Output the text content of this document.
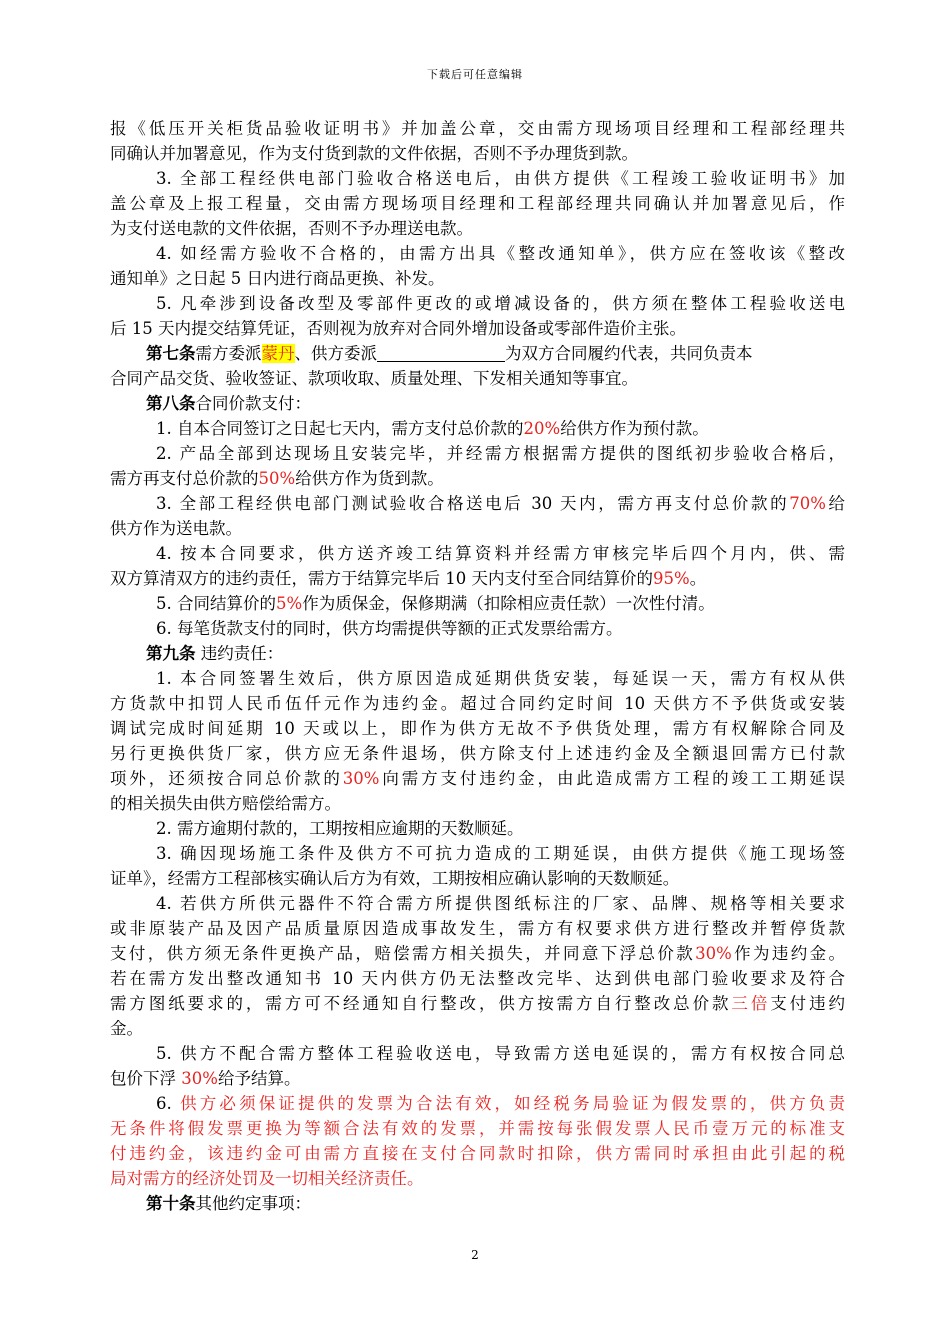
下载后可任意编辑
报《低压开关柜货品验收证明书》并加盖公章，交由需方现场项目经理和工程部经理共
同确认并加署意见，作为支付货到款的文件依据，否则不予办理货到款。
3. 全部工程经供电部门验收合格送电后，由供方提供《工程竣工验收证明书》加
盖公章及上报工程量，交由需方现场项目经理和工程部经理共同确认并加署意见后，作
为支付送电款的文件依据，否则不予办理送电款。
4. 如经需方验收不合格的，由需方出具《整改通知单》，供方应在签收该《整改
通知单》之日起 5 日内进行商品更换、补发。
5. 凡牵涉到设备改型及零部件更改的或增减设备的，供方须在整体工程验收送电
后 15 天内提交结算凭证，否则视为放弃对合同外增加设备或零部件造价主张。
第七条需方委派蒙丹、供方委派	为双方合同履约代表，共同负责本
合同产品交货、验收签证、款项收取、质量处理、下发相关通知等事宜。
第八条合同价款支付：
1. 自本合同签订之日起七天内，需方支付总价款的20%给供方作为预付款。
2. 产品全部到达现场且安装完毕，并经需方根据需方提供的图纸初步验收合格后，
需方再支付总价款的50%给供方作为货到款。
3. 全部工程经供电部门测试验收合格送电后 30 天内，需方再支付总价款的70%给
供方作为送电款。
4. 按本合同要求，供方送齐竣工结算资料并经需方审核完毕后四个月内，供、需
双方算清双方的违约责任，需方于结算完毕后 10 天内支付至合同结算价的95%。
5. 合同结算价的5%作为质保金，保修期满（扣除相应责任款）一次性付清。
6. 每笔货款支付的同时，供方均需提供等额的正式发票给需方。
第九条 违约责任：
1. 本合同签署生效后，供方原因造成延期供货安装，每延误一天，需方有权从供
方货款中扣罚人民币伍仟元作为违约金。超过合同约定时间 10 天供方不予供货或安装
调试完成时间延期 10 天或以上，即作为供方无故不予供货处理，需方有权解除合同及
另行更换供货厂家，供方应无条件退场，供方除支付上述违约金及全额退回需方已付款
项外，还须按合同总价款的30%向需方支付违约金，由此造成需方工程的竣工工期延误
的相关损失由供方赔偿给需方。
2. 需方逾期付款的，工期按相应逾期的天数顺延。
3. 确因现场施工条件及供方不可抗力造成的工期延误，由供方提供《施工现场签
证单》，经需方工程部核实确认后方为有效，工期按相应确认影响的天数顺延。
4. 若供方所供元器件不符合需方所提供图纸标注的厂家、品牌、规格等相关要求
或非原装产品及因产品质量原因造成事故发生，需方有权要求供方进行整改并暂停货款
支付，供方须无条件更换产品，赔偿需方相关损失，并同意下浮总价款30%作为违约金。
若在需方发出整改通知书 10 天内供方仍无法整改完毕、达到供电部门验收要求及符合
需方图纸要求的，需方可不经通知自行整改，供方按需方自行整改总价款三倍支付违约
金。
5. 供方不配合需方整体工程验收送电，导致需方送电延误的，需方有权按合同总
包价下浮 30%给予结算。
6. 供方必须保证提供的发票为合法有效，如经税务局验证为假发票的，供方负责
无条件将假发票更换为等额合法有效的发票，并需按每张假发票人民币壹万元的标准支
付违约金，该违约金可由需方直接在支付合同款时扣除，供方需同时承担由此引起的税
局对需方的经济处罚及一切相关经济责任。
第十条其他约定事项：
2
